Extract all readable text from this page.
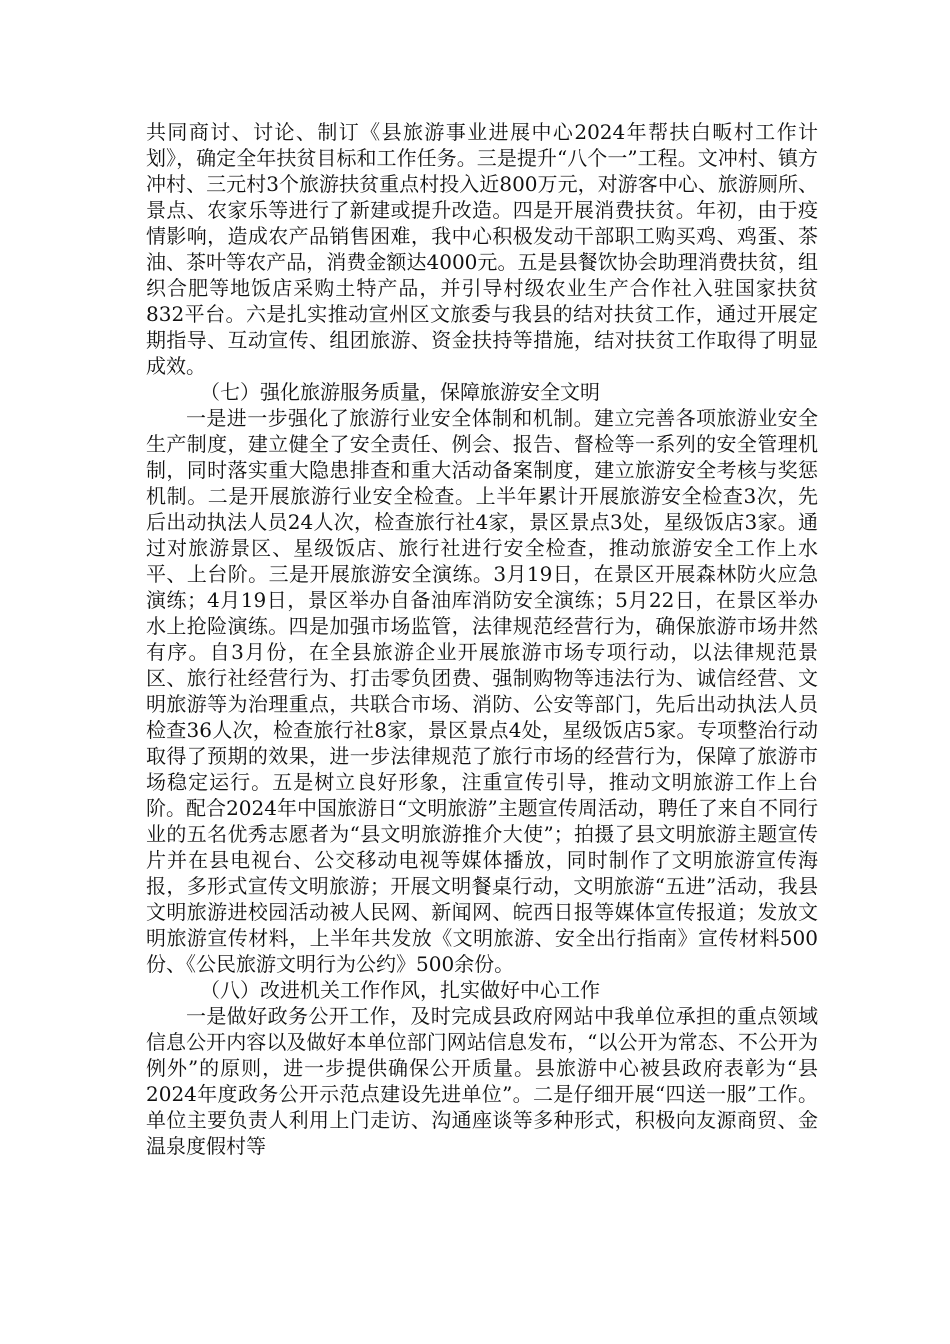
共同商讨、讨论、制订《县旅游事业进展中心2024年帮扶白畈村工作计划》，确定全年扶贫目标和工作任务。三是提升“八个一”工程。文冲村、镇方冲村、三元村3个旅游扶贫重点村投入近800万元，对游客中心、旅游厕所、景点、农家乐等进行了新建或提升改造。四是开展消费扶贫。年初，由于疫情影响，造成农产品销售困难，我中心积极发动干部职工购买鸡、鸡蛋、茶油、茶叶等农产品，消费金额达4000元。五是县餐饮协会助理消费扶贫，组织合肥等地饭店采购土特产品，并引导村级农业生产合作社入驻国家扶贫832平台。六是扎实推动宣州区文旅委与我县的结对扶贫工作，通过开展定期指导、互动宣传、组团旅游、资金扶持等措施，结对扶贫工作取得了明显成效。

（七）强化旅游服务质量，保障旅游安全文明

一是进一步强化了旅游行业安全体制和机制。建立完善各项旅游业安全生产制度，建立健全了安全责任、例会、报告、督检等一系列的安全管理机制，同时落实重大隐患排查和重大活动备案制度，建立旅游安全考核与奖惩机制。二是开展旅游行业安全检查。上半年累计开展旅游安全检查3次，先后出动执法人员24人次，检查旅行社4家，景区景点3处，星级饭店3家。通过对旅游景区、星级饭店、旅行社进行安全检查，推动旅游安全工作上水平、上台阶。三是开展旅游安全演练。3月19日，在景区开展森林防火应急演练；4月19日，景区举办自备油库消防安全演练；5月22日，在景区举办水上抢险演练。四是加强市场监管，法律规范经营行为，确保旅游市场井然有序。自3月份，在全县旅游企业开展旅游市场专项行动，以法律规范景区、旅行社经营行为、打击零负团费、强制购物等违法行为、诚信经营、文明旅游等为治理重点，共联合市场、消防、公安等部门，先后出动执法人员检查36人次，检查旅行社8家，景区景点4处，星级饭店5家。专项整治行动取得了预期的效果，进一步法律规范了旅行市场的经营行为，保障了旅游市场稳定运行。五是树立良好形象，注重宣传引导，推动文明旅游工作上台阶。配合2024年中国旅游日“文明旅游”主题宣传周活动，聘任了来自不同行业的五名优秀志愿者为“县文明旅游推介大使”；拍摄了县文明旅游主题宣传片并在县电视台、公交移动电视等媒体播放，同时制作了文明旅游宣传海报，多形式宣传文明旅游；开展文明餐桌行动，文明旅游“五进”活动，我县文明旅游进校园活动被人民网、新闻网、皖西日报等媒体宣传报道；发放文明旅游宣传材料，上半年共发放《文明旅游、安全出行指南》宣传材料500份、《公民旅游文明行为公约》500余份。

（八）改进机关工作作风，扎实做好中心工作

一是做好政务公开工作，及时完成县政府网站中我单位承担的重点领域信息公开内容以及做好本单位部门网站信息发布，“以公开为常态、不公开为例外”的原则，进一步提供确保公开质量。县旅游中心被县政府表彰为“县2024年度政务公开示范点建设先进单位”。二是仔细开展“四送一服”工作。单位主要负责人利用上门走访、沟通座谈等多种形式，积极向友源商贸、金温泉度假村等
